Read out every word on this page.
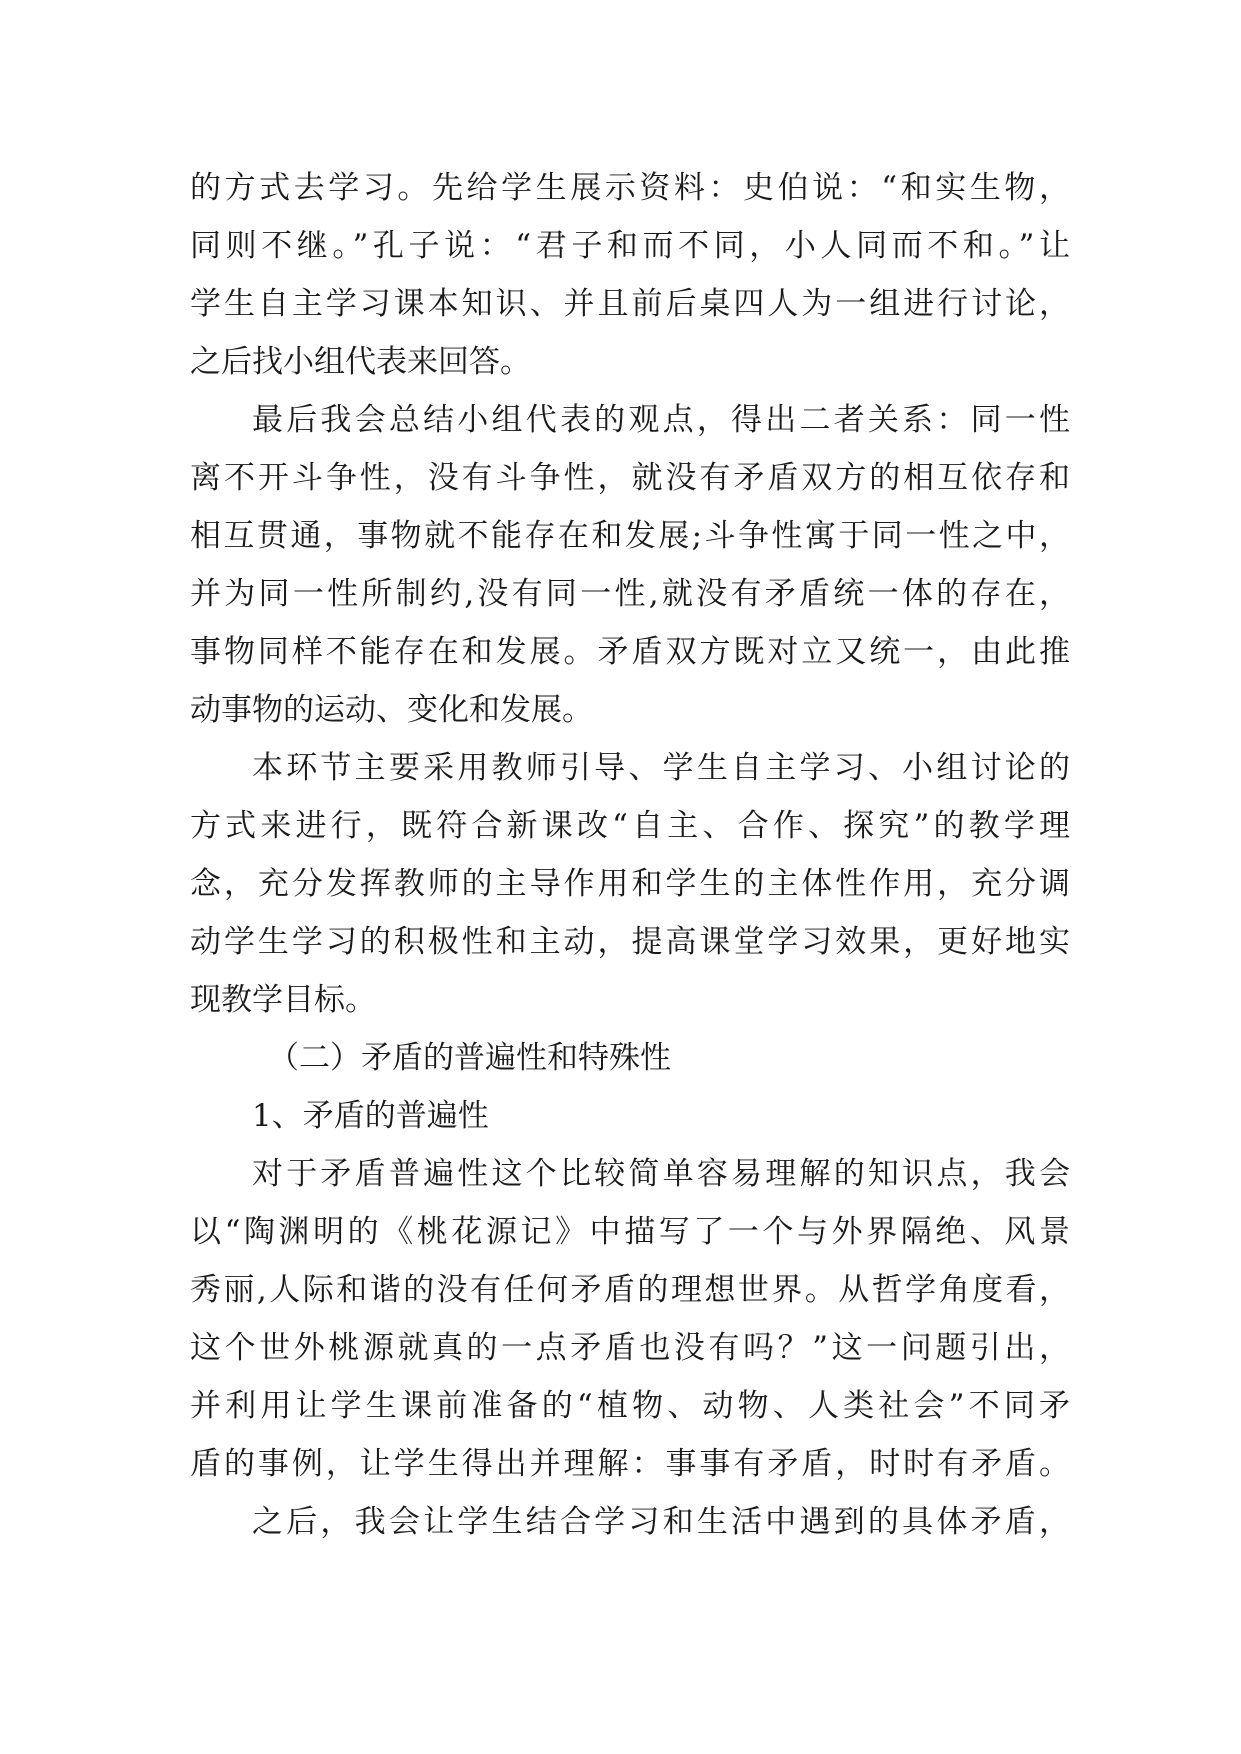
的方式去学习。先给学生展示资料：史伯说：“和实生物，
同则不继。”孔子说：“君子和而不同，小人同而不和。”让
学生自主学习课本知识、并且前后桌四人为一组进行讨论，
之后找小组代表来回答。
最后我会总结小组代表的观点，得出二者关系：同一性
离不开斗争性，没有斗争性，就没有矛盾双方的相互依存和
相互贯通，事物就不能存在和发展;斗争性寓于同一性之中，
并为同一性所制约,没有同一性,就没有矛盾统一体的存在，
事物同样不能存在和发展。矛盾双方既对立又统一，由此推
动事物的运动、变化和发展。
本环节主要采用教师引导、学生自主学习、小组讨论的
方式来进行，既符合新课改“自主、合作、探究”的教学理
念，充分发挥教师的主导作用和学生的主体性作用，充分调
动学生学习的积极性和主动，提高课堂学习效果，更好地实
现教学目标。
（二）矛盾的普遍性和特殊性
1、矛盾的普遍性
对于矛盾普遍性这个比较简单容易理解的知识点，我会
以“陶渊明的《桃花源记》中描写了一个与外界隔绝、风景
秀丽,人际和谐的没有任何矛盾的理想世界。从哲学角度看，
这个世外桃源就真的一点矛盾也没有吗？”这一问题引出，
并利用让学生课前准备的“植物、动物、人类社会”不同矛
盾的事例，让学生得出并理解：事事有矛盾，时时有矛盾。
之后，我会让学生结合学习和生活中遇到的具体矛盾，
